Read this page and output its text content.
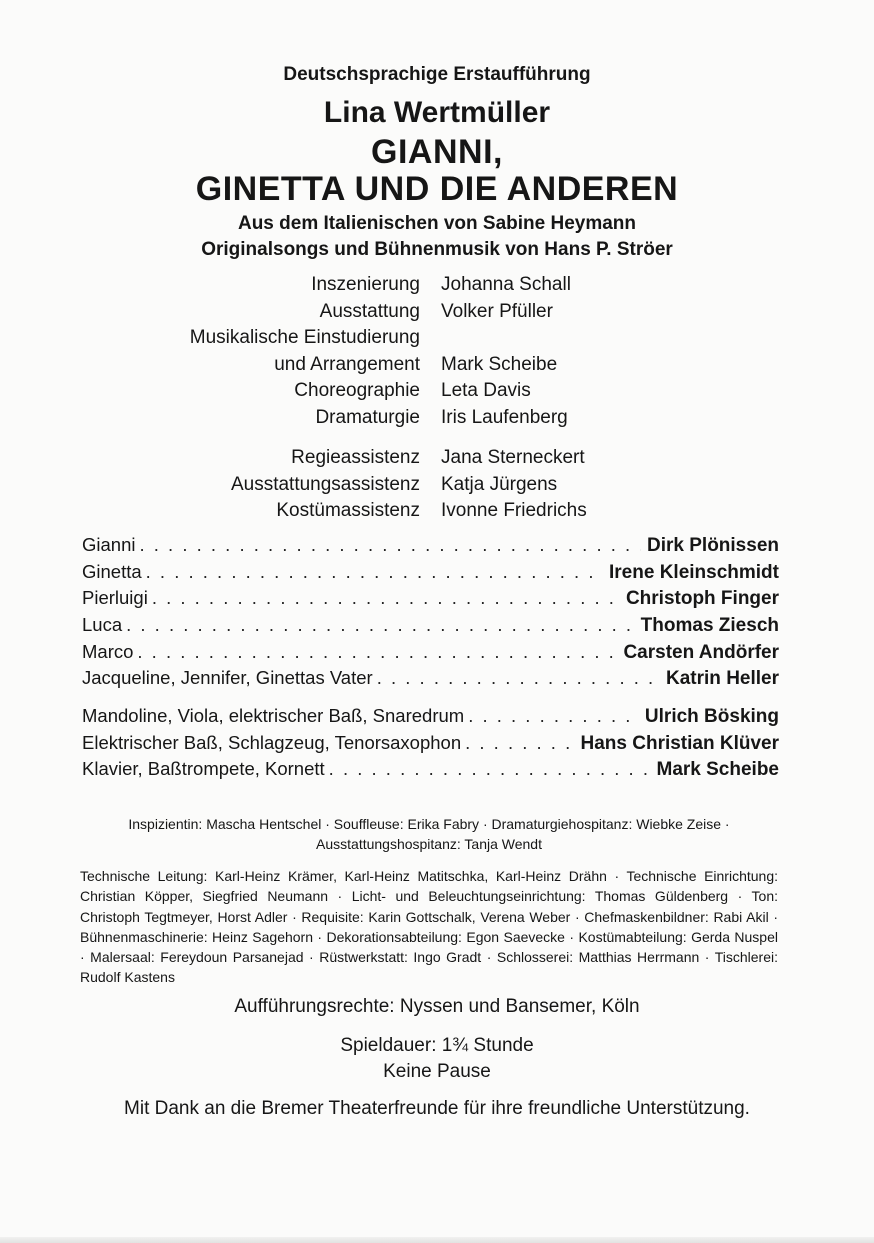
Deutschsprachige Erstaufführung
Lina Wertmüller
GIANNI,
GINETTA UND DIE ANDEREN
Aus dem Italienischen von Sabine Heymann
Originalsongs und Bühnenmusik von Hans P. Ströer
Inszenierung Johanna Schall
Ausstattung Volker Pfüller
Musikalische Einstudierung
und Arrangement Mark Scheibe
Choreographie Leta Davis
Dramaturgie Iris Laufenberg
Regieassistenz Jana Sterneckert
Ausstattungsassistenz Katja Jürgens
Kostümassistenz Ivonne Friedrichs
Gianni . . .	Dirk Plönissen
Ginetta . . .	Irene Kleinschmidt
Pierluigi . . .	Christoph Finger
Luca . . .	Thomas Ziesch
Marco . . .	Carsten Andörfer
Jacqueline, Jennifer, Ginettas Vater . . .	Katrin Heller
Mandoline, Viola, elektrischer Baß, Snaredrum . . .	Ulrich Bösking
Elektrischer Baß, Schlagzeug, Tenorsaxophon . . .	Hans Christian Klüver
Klavier, Baßtrompete, Kornett . . .	Mark Scheibe
Inspizientin: Mascha Hentschel · Souffleuse: Erika Fabry · Dramaturgiehospitanz: Wiebke Zeise · Ausstattungshospitanz: Tanja Wendt
Technische Leitung: Karl-Heinz Krämer, Karl-Heinz Matitschka, Karl-Heinz Drähn · Technische Einrichtung: Christian Köpper, Siegfried Neumann · Licht- und Beleuchtungseinrichtung: Thomas Güldenberg · Ton: Christoph Tegtmeyer, Horst Adler · Requisite: Karin Gottschalk, Verena Weber · Chefmaskenbildner: Rabi Akil · Bühnenmaschinerie: Heinz Sagehorn · Dekorationsabteilung: Egon Saevecke · Kostümabteilung: Gerda Nuspel · Malersaal: Fereydoun Parsanejad · Rüstwerkstatt: Ingo Gradt · Schlosserei: Matthias Herrmann · Tischlerei: Rudolf Kastens
Aufführungsrechte: Nyssen und Bansemer, Köln
Spieldauer: 1¾ Stunde
Keine Pause
Mit Dank an die Bremer Theaterfreunde für ihre freundliche Unterstützung.
